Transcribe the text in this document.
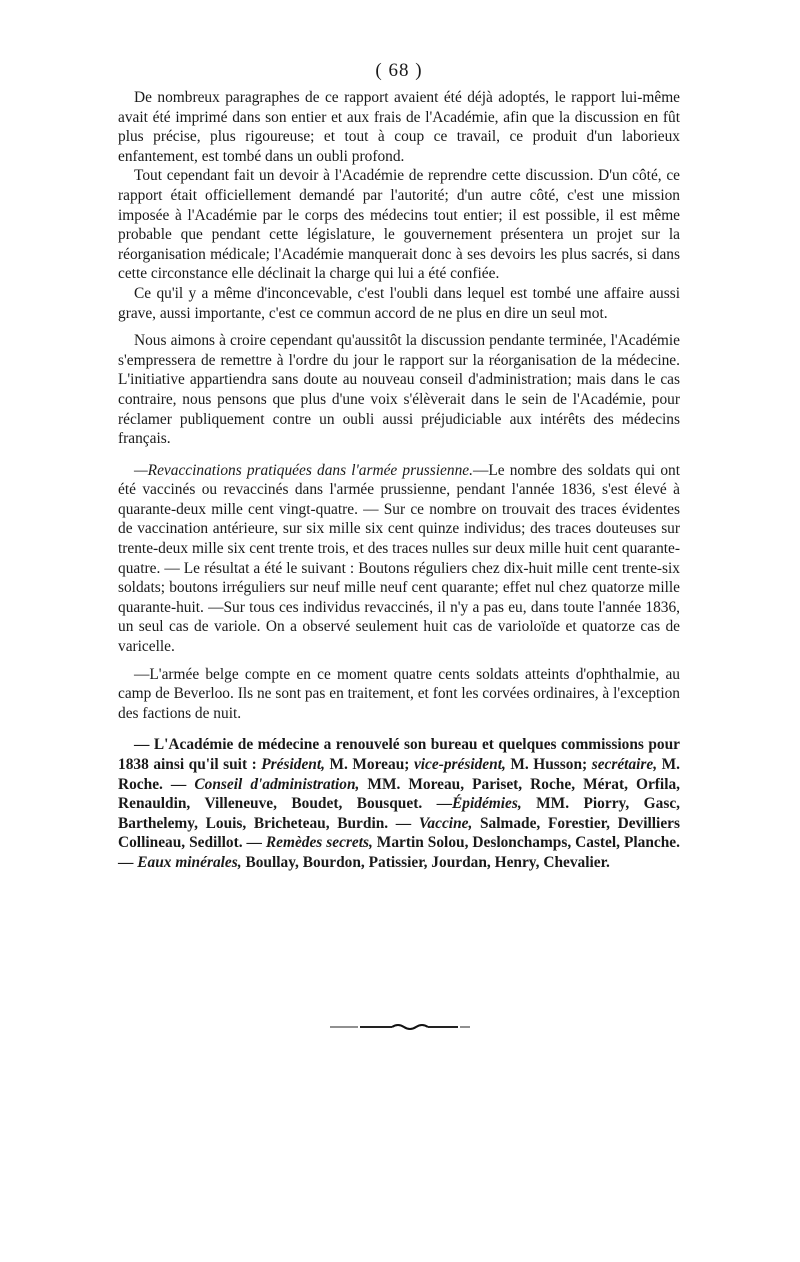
( 68 )

De nombreux paragraphes de ce rapport avaient été déjà adoptés, le rapport lui-même avait été imprimé dans son entier et aux frais de l'Académie, afin que la discussion en fût plus précise, plus rigoureuse; et tout à coup ce travail, ce produit d'un laborieux enfantement, est tombé dans un oubli profond.

Tout cependant fait un devoir à l'Académie de reprendre cette discussion. D'un côté, ce rapport était officiellement demandé par l'autorité; d'un autre côté, c'est une mission imposée à l'Académie par le corps des médecins tout entier; il est possible, il est même probable que pendant cette législature, le gouvernement présentera un projet sur la réorganisation médicale; l'Académie manquerait donc à ses devoirs les plus sacrés, si dans cette circonstance elle déclinait la charge qui lui a été confiée.

Ce qu'il y a même d'inconcevable, c'est l'oubli dans lequel est tombé une affaire aussi grave, aussi importante, c'est ce commun accord de ne plus en dire un seul mot.

Nous aimons à croire cependant qu'aussitôt la discussion pendante terminée, l'Académie s'empressera de remettre à l'ordre du jour le rapport sur la réorganisation de la médecine. L'initiative appartiendra sans doute au nouveau conseil d'administration; mais dans le cas contraire, nous pensons que plus d'une voix s'élèverait dans le sein de l'Académie, pour réclamer publiquement contre un oubli aussi préjudiciable aux intérêts des médecins français.

—Revaccinations pratiquées dans l'armée prussienne.—Le nombre des soldats qui ont été vaccinés ou revaccinés dans l'armée prussienne, pendant l'année 1836, s'est élevé à quarante-deux mille cent vingt-quatre. — Sur ce nombre on trouvait des traces évidentes de vaccination antérieure, sur six mille six cent quinze individus; des traces douteuses sur trente-deux mille six cent trente trois, et des traces nulles sur deux mille huit cent quarante-quatre. — Le résultat a été le suivant : Boutons réguliers chez dix-huit mille cent trente-six soldats; boutons irréguliers sur neuf mille neuf cent quarante; effet nul chez quatorze mille quarante-huit. —Sur tous ces individus revaccinés, il n'y a pas eu, dans toute l'année 1836, un seul cas de variole. On a observé seulement huit cas de varioloïde et quatorze cas de varicelle.

—L'armée belge compte en ce moment quatre cents soldats atteints d'ophthalmie, au camp de Beverloo. Ils ne sont pas en traitement, et font les corvées ordinaires, à l'exception des factions de nuit.

— L'Académie de médecine a renouvelé son bureau et quelques commissions pour 1838 ainsi qu'il suit : Président, M. Moreau; vice-président, M. Husson; secrétaire, M. Roche. — Conseil d'administration, MM. Moreau, Pariset, Roche, Mérat, Orfila, Renauldin, Villeneuve, Boudet, Bousquet. —Épidémies, MM. Piorry, Gasc, Barthelemy, Louis, Bricheteau, Burdin. — Vaccine, Salmade, Forestier, Devilliers Collineau, Sedillot. — Remèdes secrets, Martin Solou, Deslonchamps, Castel, Planche. — Eaux minérales, Boullay, Bourdon, Patissier, Jourdan, Henry, Chevalier.
